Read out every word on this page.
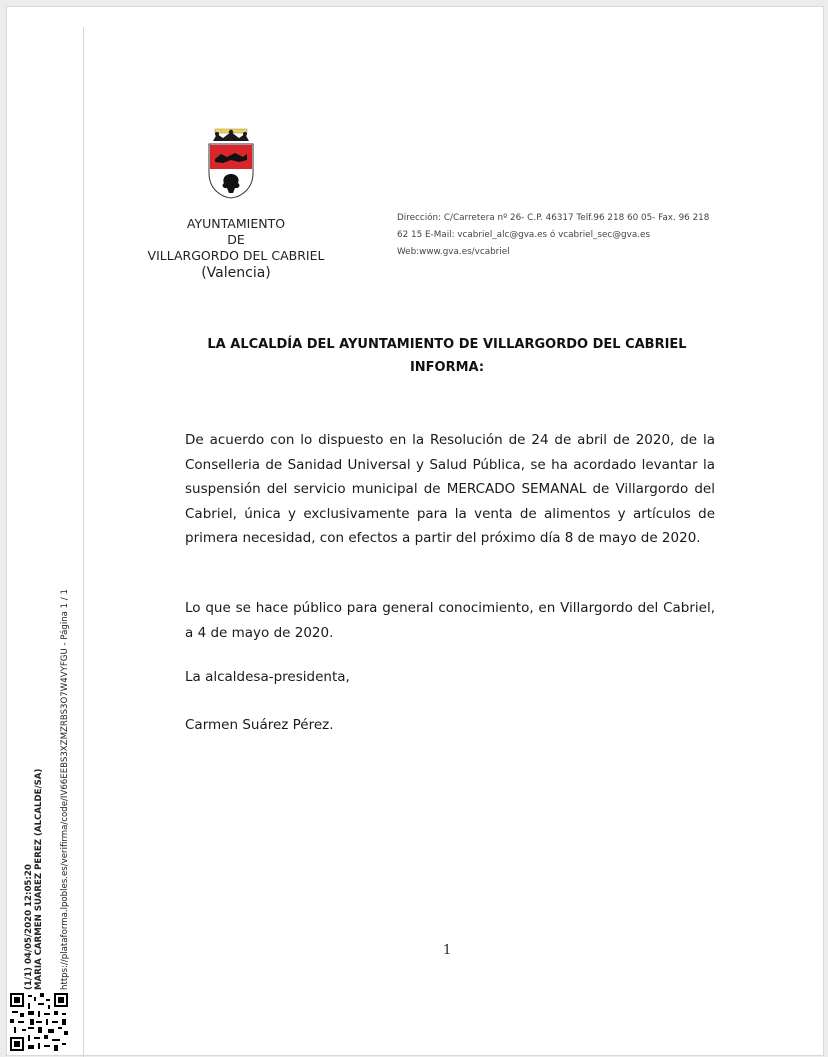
AYUNTAMIENTO
DE
VILLARGORDO DEL CABRIEL
(Valencia)
Dirección: C/Carretera nº 26- C.P. 46317 Telf.96 218 60 05- Fax. 96 218
62 15 E-Mail: vcabriel_alc@gva.es ó vcabriel_sec@gva.es
Web:www.gva.es/vcabriel
LA ALCALDÍA DEL AYUNTAMIENTO DE VILLARGORDO DEL CABRIEL
INFORMA:
De acuerdo con lo dispuesto en la Resolución de 24 de abril de 2020, de la Conselleria de Sanidad Universal y Salud Pública, se ha acordado levantar la suspensión del servicio municipal de MERCADO SEMANAL de Villargordo del Cabriel, única y exclusivamente para la venta de alimentos y artículos de primera necesidad, con efectos a partir del próximo día 8 de mayo de 2020.
Lo que se hace público para general conocimiento, en Villargordo del Cabriel, a 4 de mayo de 2020.
La alcaldesa-presidenta,
Carmen Suárez Pérez.
1
https://plataforma.lpobles.es/verifirma/code/IV66EEBS3XZMZRBS3O7W4VYFGU - Página 1 / 1
(1/1) 04/05/2020 12:05:20 MARIA CARMEN SUAREZ PEREZ (ALCALDE/SA)
